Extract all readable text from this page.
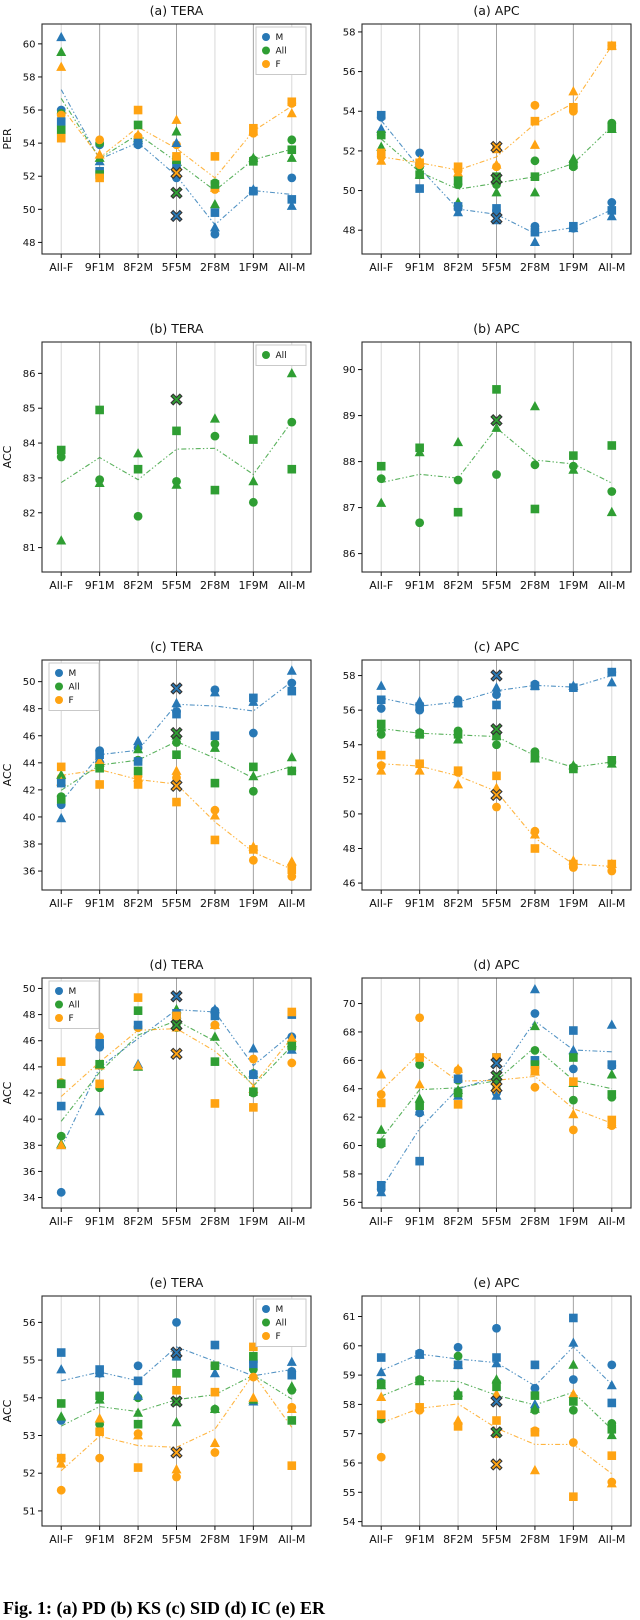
(a) TERA
48
50
52
54
56
58
60
PER
All-F 9F1M 8F2M 5F5M 2F8M 1F9M All-M
M
All
F
(a) APC
48
50
52
54
56
58
All-F 9F1M 8F2M 5F5M 2F8M 1F9M All-M
(b) TERA
81
82
83
84
85
86
ACC
All-F 9F1M 8F2M 5F5M 2F8M 1F9M All-M
All
(b) APC
86
87
88
89
90
All-F 9F1M 8F2M 5F5M 2F8M 1F9M All-M
(c) TERA
36
38
40
42
44
46
48
50
ACC
All-F 9F1M 8F2M 5F5M 2F8M 1F9M All-M
M
All
F
(c) APC
46
48
50
52
54
56
58
All-F 9F1M 8F2M 5F5M 2F8M 1F9M All-M
(d) TERA
34
36
38
40
42
44
46
48
50
ACC
All-F 9F1M 8F2M 5F5M 2F8M 1F9M All-M
M
All
F
(d) APC
56
58
60
62
64
66
68
70
All-F 9F1M 8F2M 5F5M 2F8M 1F9M All-M
(e) TERA
51
52
53
54
55
56
ACC
All-F 9F1M 8F2M 5F5M 2F8M 1F9M All-M
M
All
F
(e) APC
54
55
56
57
58
59
60
61
All-F 9F1M 8F2M 5F5M 2F8M 1F9M All-M
Fig. 1: (a) PD (b) KS (c) SID (d) IC (e) ER
